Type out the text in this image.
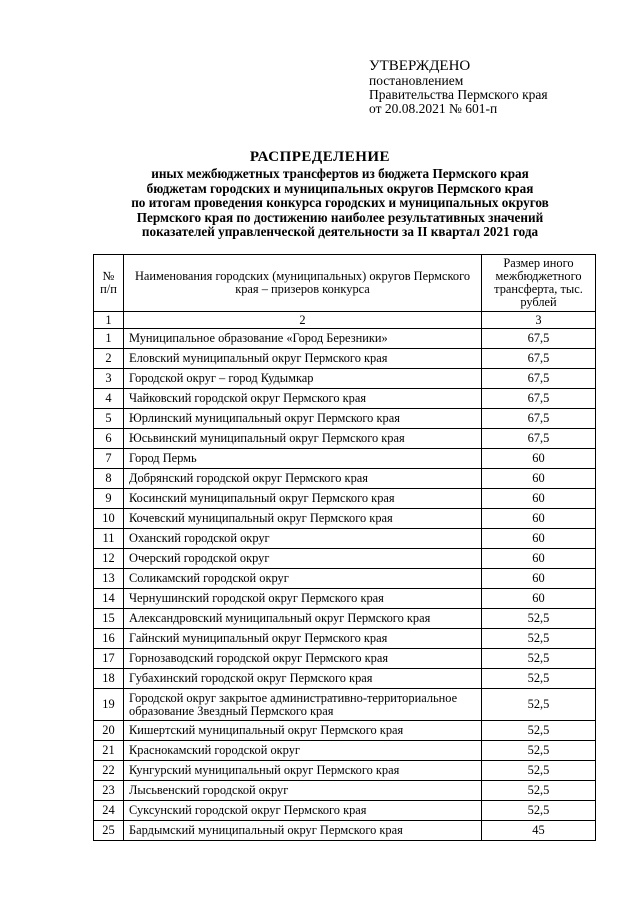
УТВЕРЖДЕНО
постановлением
Правительства Пермского края
от 20.08.2021 № 601-п
РАСПРЕДЕЛЕНИЕ
иных межбюджетных трансфертов из бюджета Пермского края
бюджетам городских и муниципальных округов Пермского края
по итогам проведения конкурса городских и муниципальных округов
Пермского края по достижению наиболее результативных значений
показателей управленческой деятельности за II квартал 2021 года
№ п/п	Наименования городских (муниципальных) округов Пермского края – призеров конкурса	Размер иного межбюджетного трансферта, тыс. рублей
1	2	3
1	Муниципальное образование «Город Березники»	67,5
2	Еловский муниципальный округ Пермского края	67,5
3	Городской округ – город Кудымкар	67,5
4	Чайковский городской округ Пермского края	67,5
5	Юрлинский муниципальный округ Пермского края	67,5
6	Юсьвинский муниципальный округ Пермского края	67,5
7	Город Пермь	60
8	Добрянский городской округ Пермского края	60
9	Косинский муниципальный округ Пермского края	60
10	Кочевский муниципальный округ Пермского края	60
11	Оханский городской округ	60
12	Очерский городской округ	60
13	Соликамский городской округ	60
14	Чернушинский городской округ Пермского края	60
15	Александровский муниципальный округ Пермского края	52,5
16	Гайнский муниципальный округ Пермского края	52,5
17	Горнозаводский городской округ Пермского края	52,5
18	Губахинский городской округ Пермского края	52,5
19	Городской округ закрытое административно-территориальное образование Звездный Пермского края	52,5
20	Кишертский муниципальный округ Пермского края	52,5
21	Краснокамский городской округ	52,5
22	Кунгурский муниципальный округ Пермского края	52,5
23	Лысьвенский городской округ	52,5
24	Суксунский городской округ Пермского края	52,5
25	Бардымский муниципальный округ Пермского края	45
